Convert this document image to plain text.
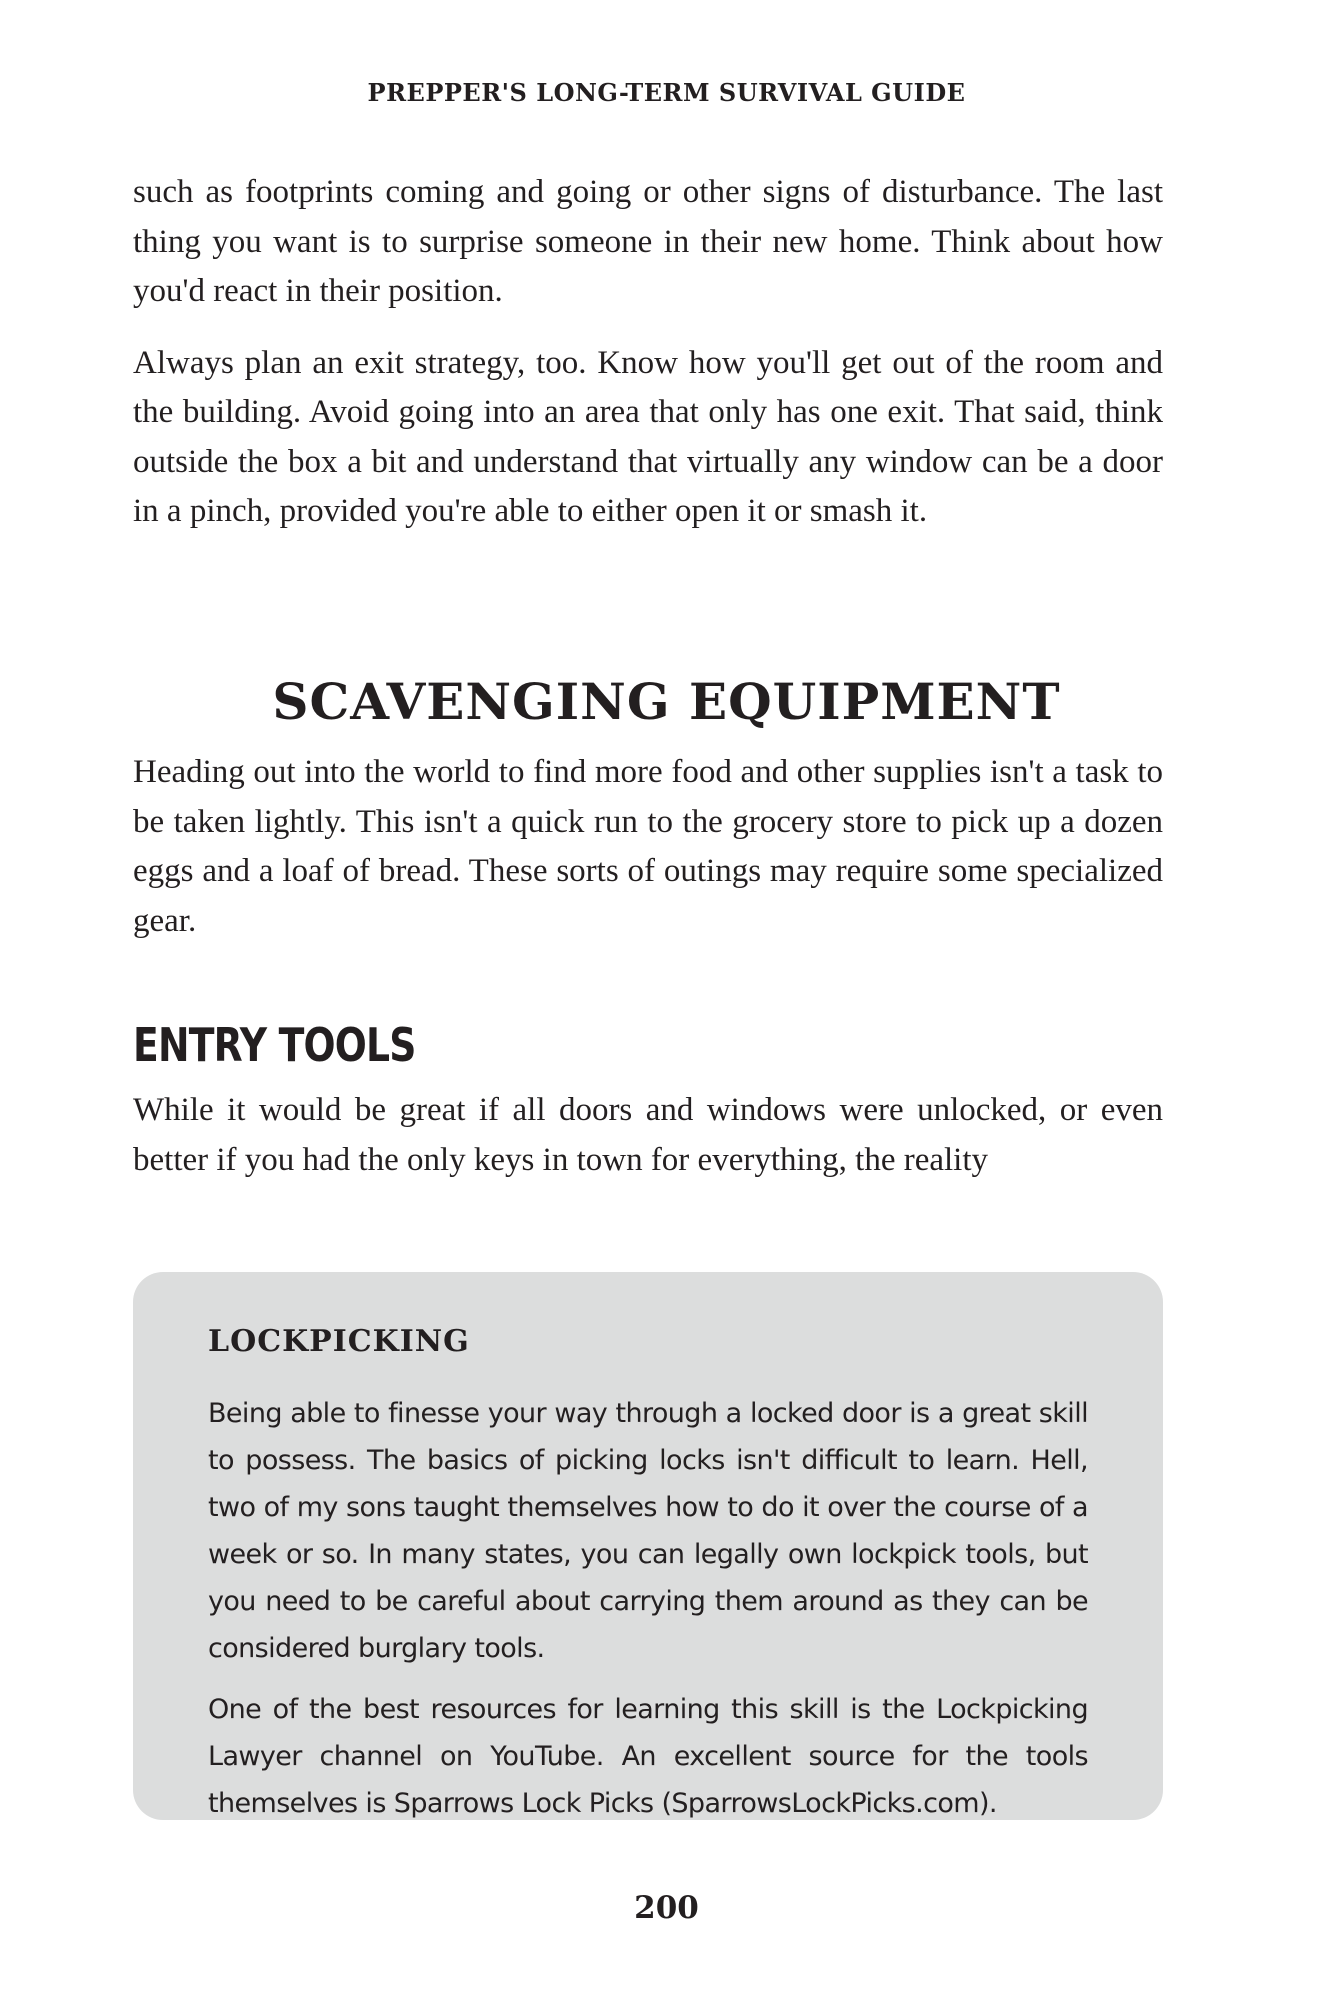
PREPPER'S LONG-TERM SURVIVAL GUIDE

such as footprints coming and going or other signs of disturbance. The last thing you want is to surprise someone in their new home. Think about how you'd react in their position.

Always plan an exit strategy, too. Know how you'll get out of the room and the building. Avoid going into an area that only has one exit. That said, think outside the box a bit and understand that virtually any window can be a door in a pinch, provided you're able to either open it or smash it.

SCAVENGING EQUIPMENT

Heading out into the world to find more food and other supplies isn't a task to be taken lightly. This isn't a quick run to the grocery store to pick up a dozen eggs and a loaf of bread. These sorts of outings may require some specialized gear.

ENTRY TOOLS

While it would be great if all doors and windows were unlocked, or even better if you had the only keys in town for everything, the reality

LOCKPICKING

Being able to finesse your way through a locked door is a great skill to possess. The basics of picking locks isn't difficult to learn. Hell, two of my sons taught themselves how to do it over the course of a week or so. In many states, you can legally own lockpick tools, but you need to be careful about carrying them around as they can be considered burglary tools.

One of the best resources for learning this skill is the Lockpicking Lawyer channel on YouTube. An excellent source for the tools themselves is Sparrows Lock Picks (SparrowsLockPicks.com).

200
